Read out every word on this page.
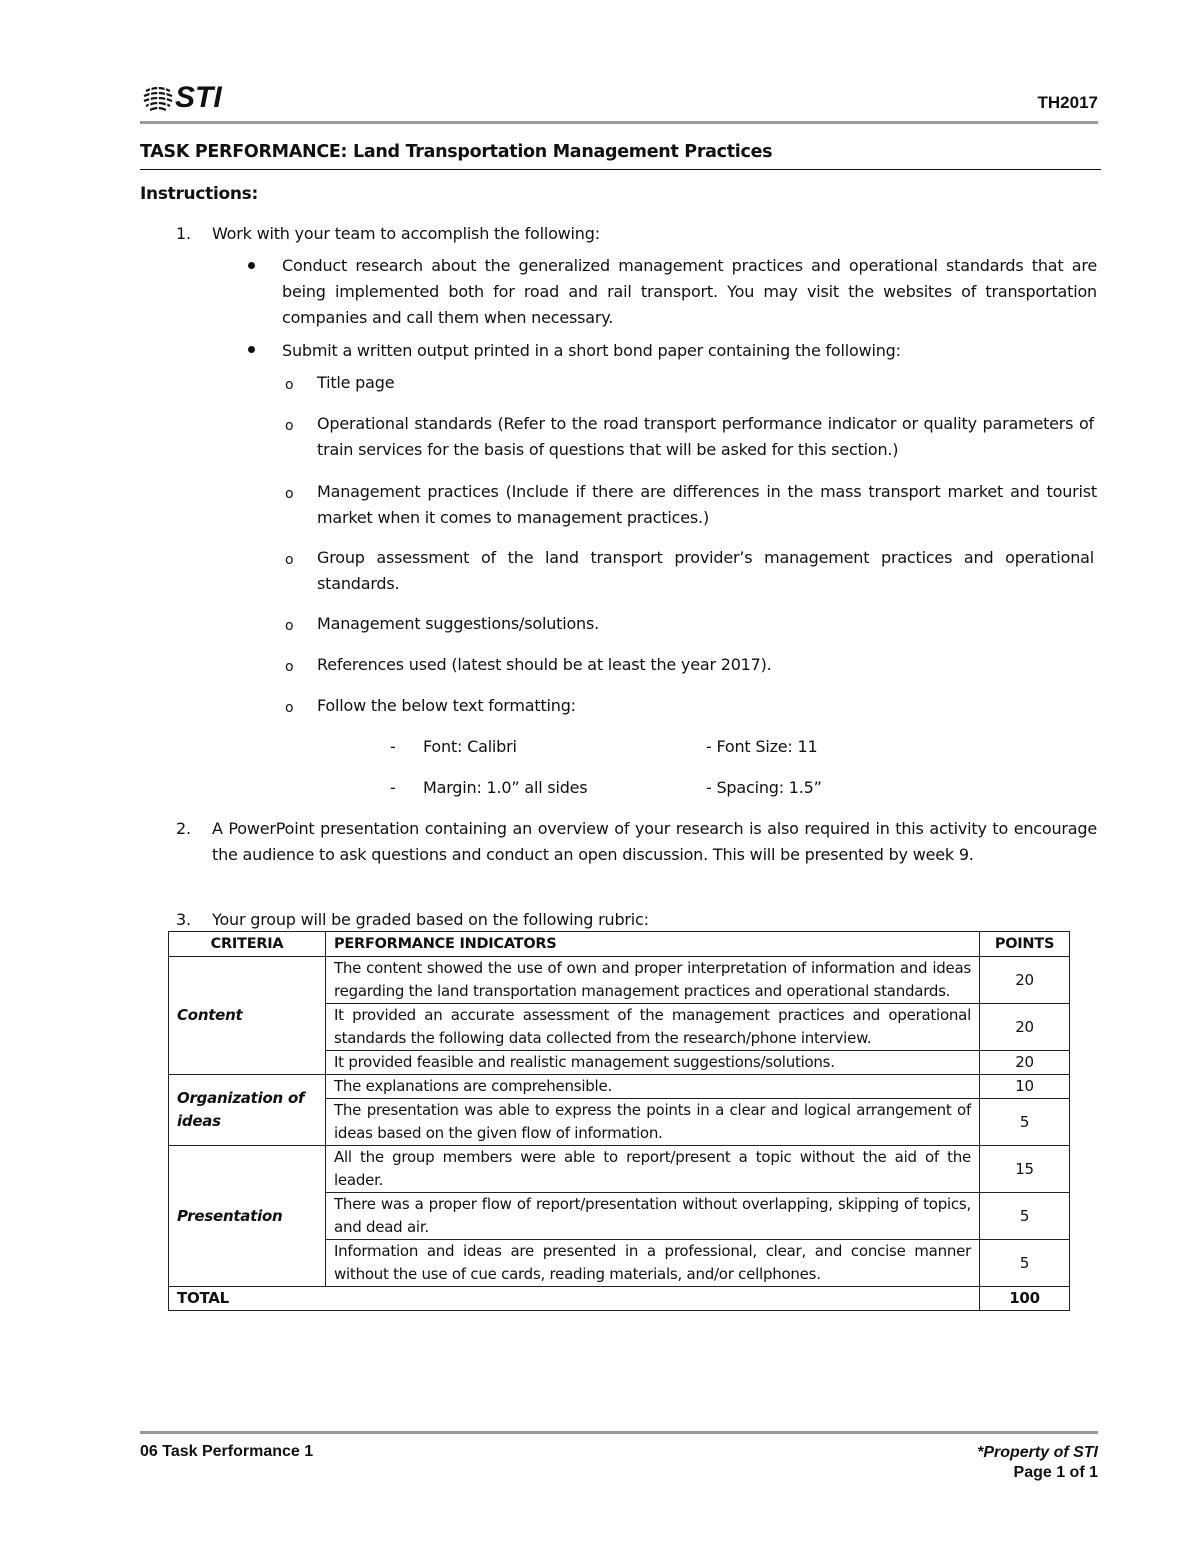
STI	TH2017
TASK PERFORMANCE: Land Transportation Management Practices
Instructions:
1. Work with your team to accomplish the following:
Conduct research about the generalized management practices and operational standards that are being implemented both for road and rail transport. You may visit the websites of transportation companies and call them when necessary.
Submit a written output printed in a short bond paper containing the following:
o Title page
o Operational standards (Refer to the road transport performance indicator or quality parameters of train services for the basis of questions that will be asked for this section.)
o Management practices (Include if there are differences in the mass transport market and tourist market when it comes to management practices.)
o Group assessment of the land transport provider’s management practices and operational standards.
o Management suggestions/solutions.
o References used (latest should be at least the year 2017).
o Follow the below text formatting:
- Font: Calibri	- Font Size: 11
- Margin: 1.0” all sides	- Spacing: 1.5”
2. A PowerPoint presentation containing an overview of your research is also required in this activity to encourage the audience to ask questions and conduct an open discussion. This will be presented by week 9.
3. Your group will be graded based on the following rubric:
CRITERIA	PERFORMANCE INDICATORS	POINTS
Content	The content showed the use of own and proper interpretation of information and ideas regarding the land transportation management practices and operational standards.	20
	It provided an accurate assessment of the management practices and operational standards the following data collected from the research/phone interview.	20
	It provided feasible and realistic management suggestions/solutions.	20
Organization of ideas	The explanations are comprehensible.	10
	The presentation was able to express the points in a clear and logical arrangement of ideas based on the given flow of information.	5
Presentation	All the group members were able to report/present a topic without the aid of the leader.	15
	There was a proper flow of report/presentation without overlapping, skipping of topics, and dead air.	5
	Information and ideas are presented in a professional, clear, and concise manner without the use of cue cards, reading materials, and/or cellphones.	5
TOTAL		100
06 Task Performance 1	*Property of STI
Page 1 of 1
